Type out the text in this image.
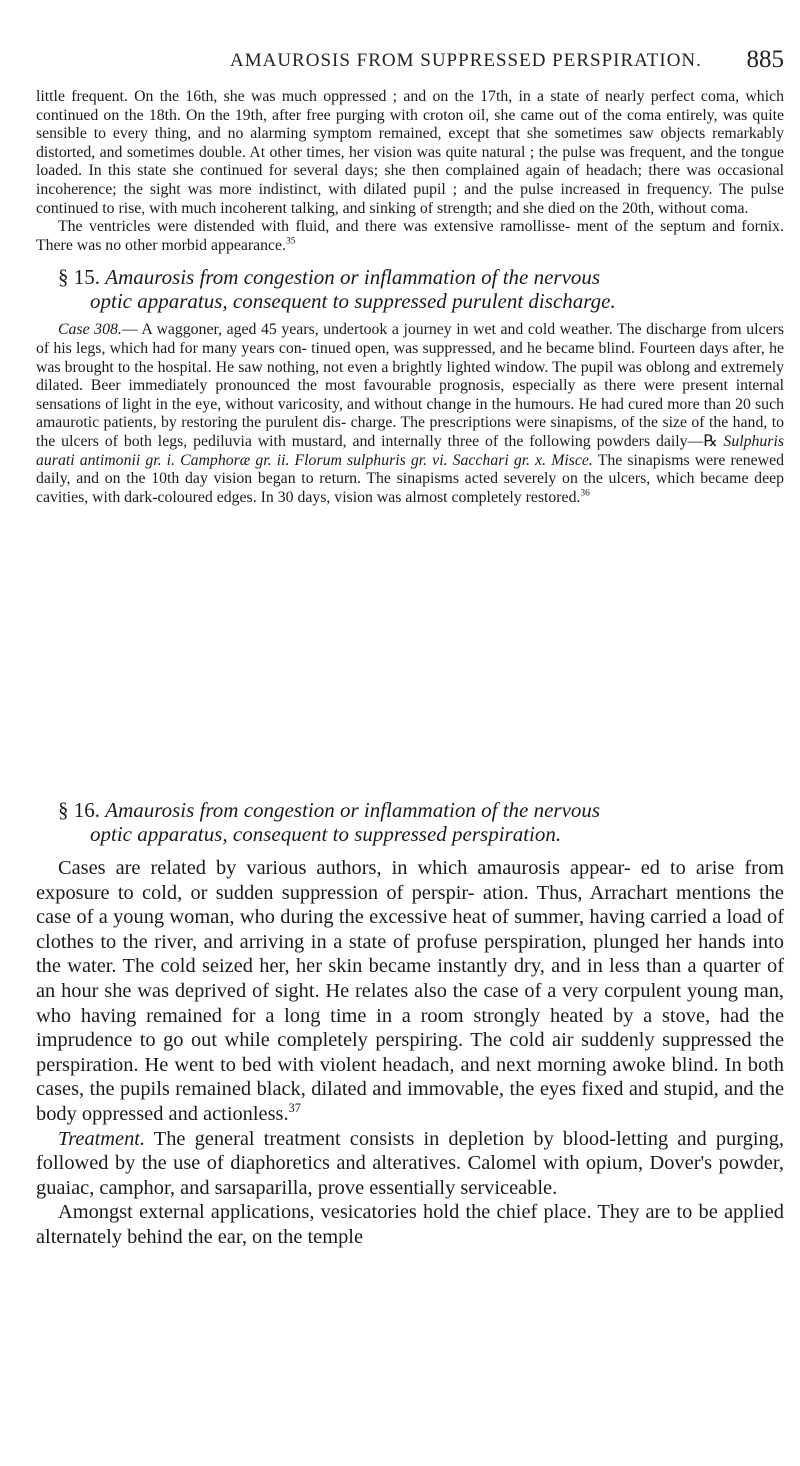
AMAUROSIS FROM SUPPRESSED PERSPIRATION. 885

little frequent. On the 16th, she was much oppressed ; and on the 17th, in a state of nearly perfect coma, which continued on the 18th. On the 19th, after free purging with croton oil, she came out of the coma entirely, was quite sensible to every thing, and no alarming symptom remained, except that she sometimes saw objects remarkably distorted, and sometimes double. At other times, her vision was quite natural ; the pulse was frequent, and the tongue loaded. In this state she continued for several days; she then complained again of headach; there was occasional incoherence; the sight was more indistinct, with dilated pupil ; and the pulse increased in frequency. The pulse continued to rise, with much incoherent talking, and sinking of strength; and she died on the 20th, without coma.

The ventricles were distended with fluid, and there was extensive ramollisse- ment of the septum and fornix. There was no other morbid appearance.$^{35}$

§ 15. Amaurosis from congestion or inflammation of the nervous
optic apparatus, consequent to suppressed purulent discharge.

Case 308.— A waggoner, aged 45 years, undertook a journey in wet and cold weather. The discharge from ulcers of his legs, which had for many years con- tinued open, was suppressed, and he became blind. Fourteen days after, he was brought to the hospital. He saw nothing, not even a brightly lighted window. The pupil was oblong and extremely dilated. Beer immediately pronounced the most favourable prognosis, especially as there were present internal sensations of light in the eye, without varicosity, and without change in the humours. He had cured more than 20 such amaurotic patients, by restoring the purulent dis- charge. The prescriptions were sinapisms, of the size of the hand, to the ulcers of both legs, pediluvia with mustard, and internally three of the following powders daily—℞ Sulphuris aurati antimonii gr. i. Camphoræ gr. ii. Florum sulphuris gr. vi. Sacchari gr. x. Misce. The sinapisms were renewed daily, and on the 10th day vision began to return. The sinapisms acted severely on the ulcers, which became deep cavities, with dark-coloured edges. In 30 days, vision was almost completely restored.$^{36}$

§ 16. Amaurosis from congestion or inflammation of the nervous
optic apparatus, consequent to suppressed perspiration.

Cases are related by various authors, in which amaurosis appear- ed to arise from exposure to cold, or sudden suppression of perspir- ation. Thus, Arrachart mentions the case of a young woman, who during the excessive heat of summer, having carried a load of clothes to the river, and arriving in a state of profuse perspiration, plunged her hands into the water. The cold seized her, her skin became instantly dry, and in less than a quarter of an hour she was deprived of sight. He relates also the case of a very corpulent young man, who having remained for a long time in a room strongly heated by a stove, had the imprudence to go out while completely perspiring. The cold air suddenly suppressed the perspiration. He went to bed with violent headach, and next morning awoke blind. In both cases, the pupils remained black, dilated and immovable, the eyes fixed and stupid, and the body oppressed and actionless.$^{37}$

Treatment. The general treatment consists in depletion by blood-letting and purging, followed by the use of diaphoretics and alteratives. Calomel with opium, Dover's powder, guaiac, camphor, and sarsaparilla, prove essentially serviceable.

Amongst external applications, vesicatories hold the chief place. They are to be applied alternately behind the ear, on the temple
